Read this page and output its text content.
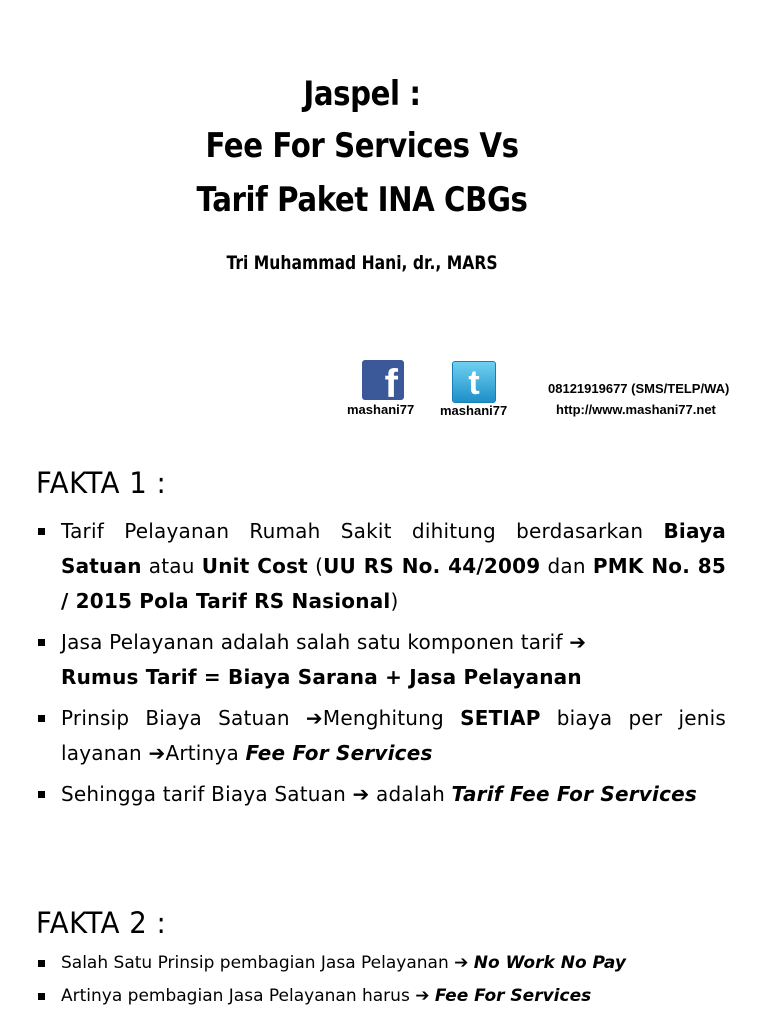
Jaspel :
Fee For Services Vs
Tarif Paket INA CBGs
Tri Muhammad Hani, dr., MARS
f
mashani77
t
mashani77
08121919677 (SMS/TELP/WA)
http://www.mashani77.net
FAKTA 1 :
Tarif Pelayanan Rumah Sakit dihitung berdasarkan Biaya Satuan atau Unit Cost (UU RS No. 44/2009 dan PMK No. 85 / 2015 Pola Tarif RS Nasional)
Jasa Pelayanan adalah salah satu komponen tarif ➔
Rumus Tarif = Biaya Sarana + Jasa Pelayanan
Prinsip Biaya Satuan ➔Menghitung SETIAP biaya per jenis layanan ➔Artinya Fee For Services
Sehingga tarif Biaya Satuan ➔ adalah Tarif Fee For Services
FAKTA 2 :
Salah Satu Prinsip pembagian Jasa Pelayanan ➔ No Work No Pay
Artinya pembagian Jasa Pelayanan harus ➔ Fee For Services
